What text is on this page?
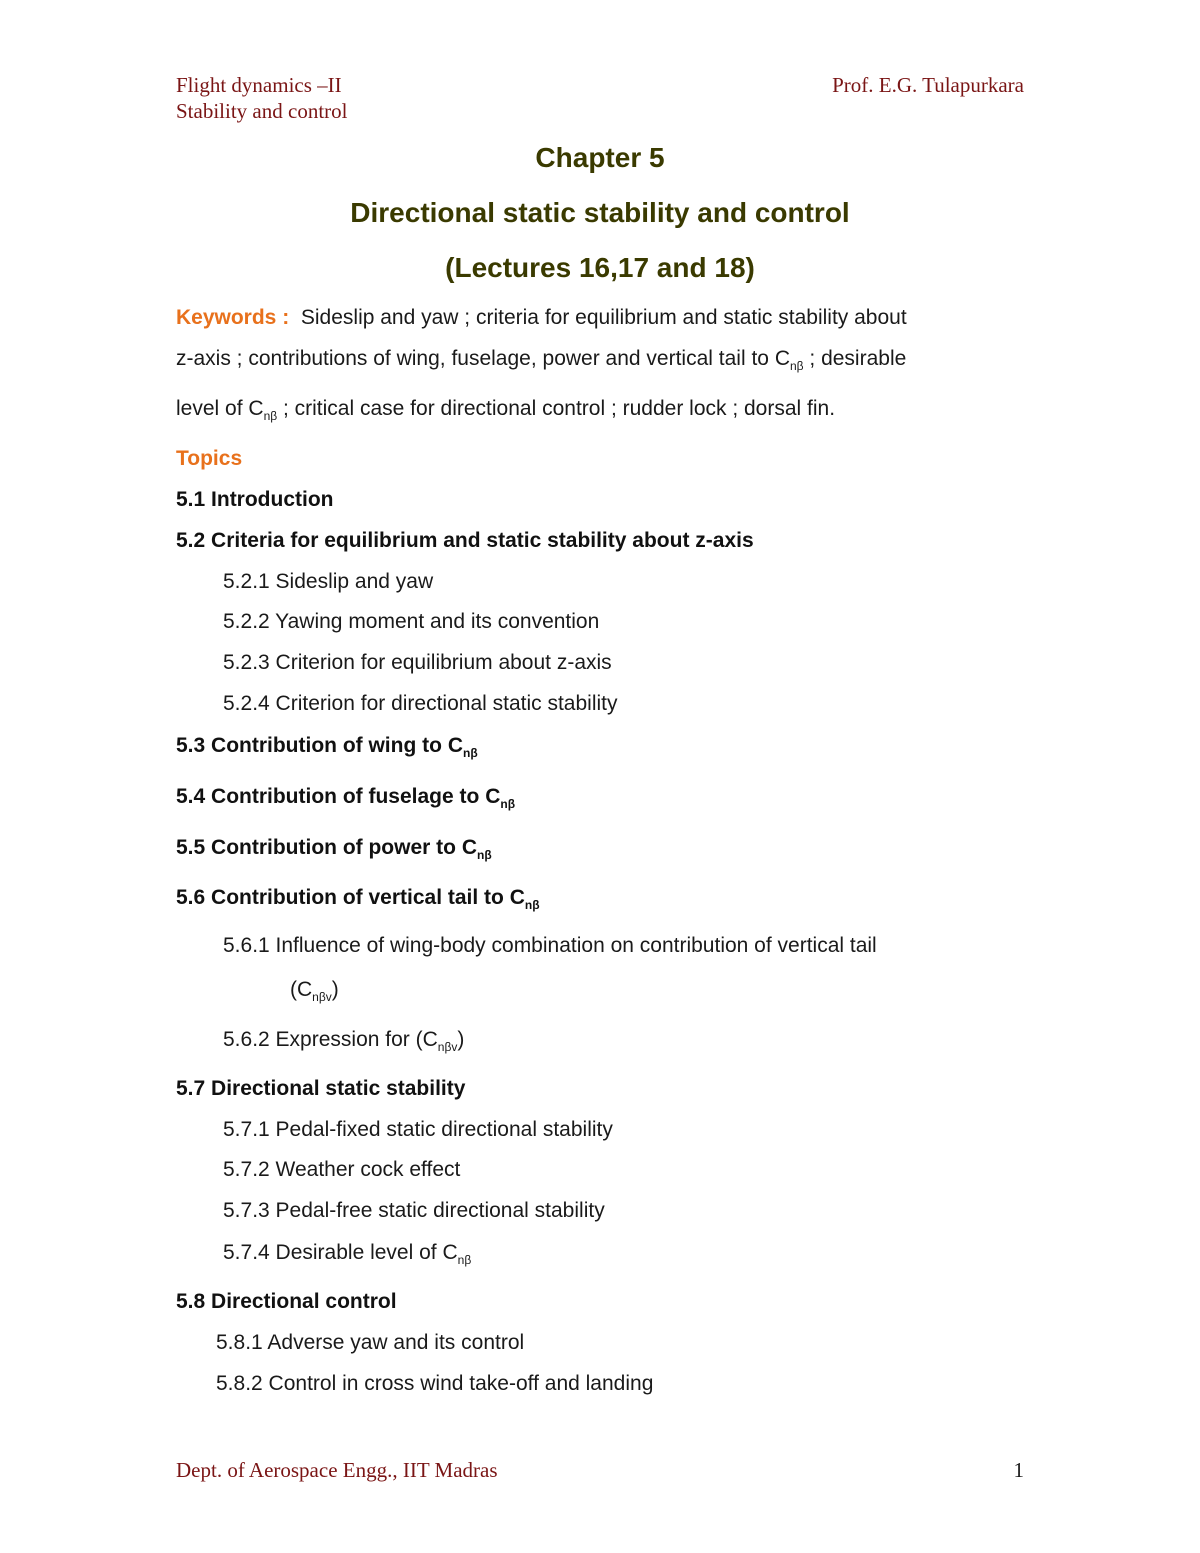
Flight dynamics –II
Stability and control
Prof. E.G. Tulapurkara
Chapter 5
Directional static stability and control
(Lectures 16,17 and 18)
Keywords : Sideslip and yaw ; criteria for equilibrium and static stability about
z-axis ; contributions of wing, fuselage, power and vertical tail to $C_{n\beta}$ ; desirable
level of $C_{n\beta}$ ; critical case for directional control ; rudder lock ; dorsal fin.
Topics
5.1 Introduction
5.2 Criteria for equilibrium and static stability about z-axis
5.2.1 Sideslip and yaw
5.2.2 Yawing moment and its convention
5.2.3 Criterion for equilibrium about z-axis
5.2.4 Criterion for directional static stability
5.3 Contribution of wing to $C_{n\beta}$
5.4 Contribution of fuselage to $C_{n\beta}$
5.5 Contribution of power to $C_{n\beta}$
5.6 Contribution of vertical tail to $C_{n\beta}$
5.6.1 Influence of wing-body combination on contribution of vertical tail
$(C_{n\beta v})$
5.6.2 Expression for $(C_{n\beta v})$
5.7 Directional static stability
5.7.1 Pedal-fixed static directional stability
5.7.2 Weather cock effect
5.7.3 Pedal-free static directional stability
5.7.4 Desirable level of $C_{n\beta}$
5.8 Directional control
5.8.1 Adverse yaw and its control
5.8.2 Control in cross wind take-off and landing
Dept. of Aerospace Engg., IIT Madras	1
